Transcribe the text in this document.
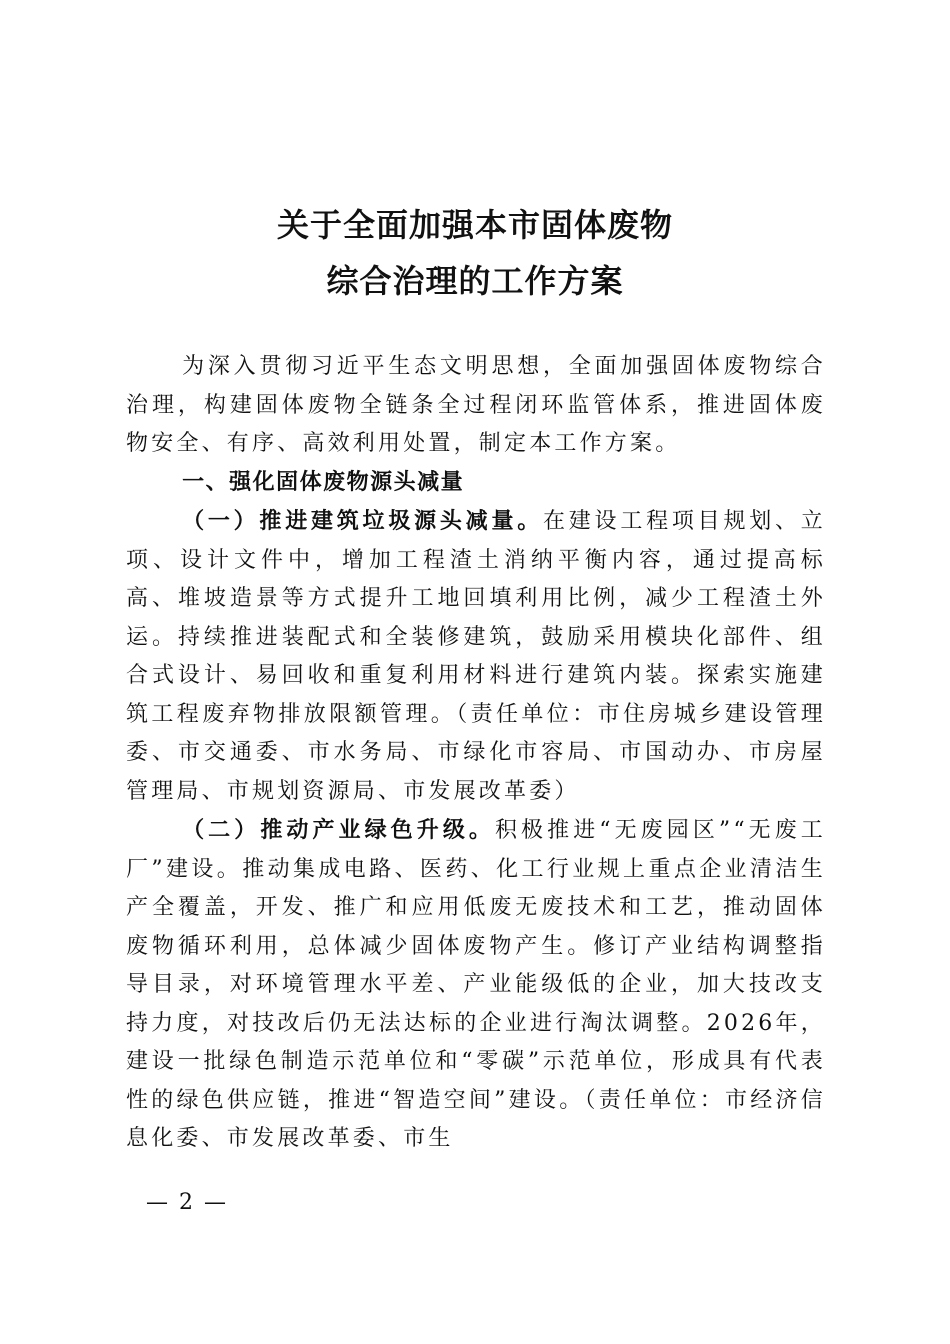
关于全面加强本市固体废物
综合治理的工作方案

为深入贯彻习近平生态文明思想，全面加强固体废物综合治理，构建固体废物全链条全过程闭环监管体系，推进固体废物安全、有序、高效利用处置，制定本工作方案。

一、强化固体废物源头减量

（一）推进建筑垃圾源头减量。在建设工程项目规划、立项、设计文件中，增加工程渣土消纳平衡内容，通过提高标高、堆坡造景等方式提升工地回填利用比例，减少工程渣土外运。持续推进装配式和全装修建筑，鼓励采用模块化部件、组合式设计、易回收和重复利用材料进行建筑内装。探索实施建筑工程废弃物排放限额管理。（责任单位：市住房城乡建设管理委、市交通委、市水务局、市绿化市容局、市国动办、市房屋管理局、市规划资源局、市发展改革委）

（二）推动产业绿色升级。积极推进“无废园区”“无废工厂”建设。推动集成电路、医药、化工行业规上重点企业清洁生产全覆盖，开发、推广和应用低废无废技术和工艺，推动固体废物循环利用，总体减少固体废物产生。修订产业结构调整指导目录，对环境管理水平差、产业能级低的企业，加大技改支持力度，对技改后仍无法达标的企业进行淘汰调整。2026年，建设一批绿色制造示范单位和“零碳”示范单位，形成具有代表性的绿色供应链，推进“智造空间”建设。（责任单位：市经济信息化委、市发展改革委、市生

— 2 —
